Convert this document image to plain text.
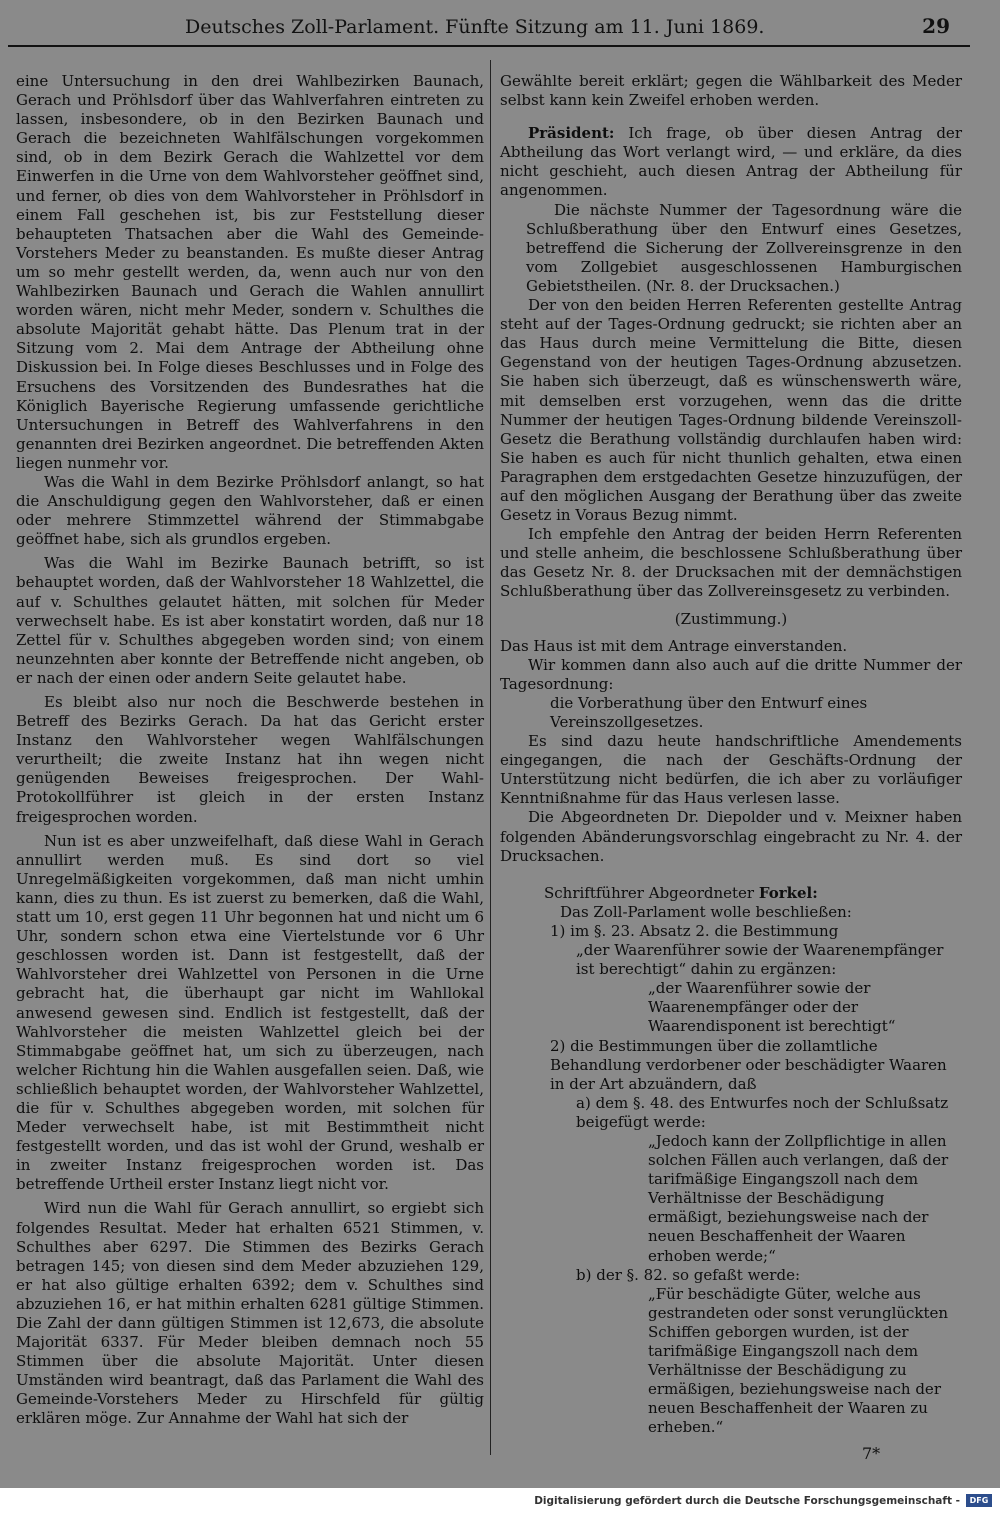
Deutsches Zoll-Parlament. Fünfte Sitzung am 11. Juni 1869.	29

eine Untersuchung in den drei Wahlbezirken Baunach, Gerach und Pröhlsdorf über das Wahlverfahren eintreten zu lassen, insbesondere, ob in den Bezirken Baunach und Gerach die bezeichneten Wahlfälschungen vorgekommen sind, ob in dem Bezirk Gerach die Wahlzettel vor dem Einwerfen in die Urne von dem Wahlvorsteher geöffnet sind, und ferner, ob dies von dem Wahlvorsteher in Pröhlsdorf in einem Fall geschehen ist, bis zur Feststellung dieser behaupteten Thatsachen aber die Wahl des Gemeinde-Vorstehers Meder zu beanstanden. Es mußte dieser Antrag um so mehr gestellt werden, da, wenn auch nur von den Wahlbezirken Baunach und Gerach die Wahlen annullirt worden wären, nicht mehr Meder, sondern v. Schulthes die absolute Majorität gehabt hätte. Das Plenum trat in der Sitzung vom 2. Mai dem Antrage der Abtheilung ohne Diskussion bei. In Folge dieses Beschlusses und in Folge des Ersuchens des Vorsitzenden des Bundesrathes hat die Königlich Bayerische Regierung umfassende gerichtliche Untersuchungen in Betreff des Wahlverfahrens in den genannten drei Bezirken angeordnet. Die betreffenden Akten liegen nunmehr vor.

Was die Wahl in dem Bezirke Pröhlsdorf anlangt, so hat die Anschuldigung gegen den Wahlvorsteher, daß er einen oder mehrere Stimmzettel während der Stimmabgabe geöffnet habe, sich als grundlos ergeben.

Was die Wahl im Bezirke Baunach betrifft, so ist behauptet worden, daß der Wahlvorsteher 18 Wahlzettel, die auf v. Schulthes gelautet hätten, mit solchen für Meder verwechselt habe. Es ist aber konstatirt worden, daß nur 18 Zettel für v. Schulthes abgegeben worden sind; von einem neunzehnten aber konnte der Betreffende nicht angeben, ob er nach der einen oder andern Seite gelautet habe.

Es bleibt also nur noch die Beschwerde bestehen in Betreff des Bezirks Gerach. Da hat das Gericht erster Instanz den Wahlvorsteher wegen Wahlfälschungen verurtheilt; die zweite Instanz hat ihn wegen nicht genügenden Beweises freigesprochen. Der Wahl-Protokollführer ist gleich in der ersten Instanz freigesprochen worden.

Nun ist es aber unzweifelhaft, daß diese Wahl in Gerach annullirt werden muß. Es sind dort so viel Unregelmäßigkeiten vorgekommen, daß man nicht umhin kann, dies zu thun. Es ist zuerst zu bemerken, daß die Wahl, statt um 10, erst gegen 11 Uhr begonnen hat und nicht um 6 Uhr, sondern schon etwa eine Viertelstunde vor 6 Uhr geschlossen worden ist. Dann ist festgestellt, daß der Wahlvorsteher drei Wahlzettel von Personen in die Urne gebracht hat, die überhaupt gar nicht im Wahllokal anwesend gewesen sind. Endlich ist festgestellt, daß der Wahlvorsteher die meisten Wahlzettel gleich bei der Stimmabgabe geöffnet hat, um sich zu überzeugen, nach welcher Richtung hin die Wahlen ausgefallen seien. Daß, wie schließlich behauptet worden, der Wahlvorsteher Wahlzettel, die für v. Schulthes abgegeben worden, mit solchen für Meder verwechselt habe, ist mit Bestimmtheit nicht festgestellt worden, und das ist wohl der Grund, weshalb er in zweiter Instanz freigesprochen worden ist. Das betreffende Urtheil erster Instanz liegt nicht vor.

Wird nun die Wahl für Gerach annullirt, so ergiebt sich folgendes Resultat. Meder hat erhalten 6521 Stimmen, v. Schulthes aber 6297. Die Stimmen des Bezirks Gerach betragen 145; von diesen sind dem Meder abzuziehen 129, er hat also gültige erhalten 6392; dem v. Schulthes sind abzuziehen 16, er hat mithin erhalten 6281 gültige Stimmen. Die Zahl der dann gültigen Stimmen ist 12,673, die absolute Majorität 6337. Für Meder bleiben demnach noch 55 Stimmen über die absolute Majorität. Unter diesen Umständen wird beantragt, daß das Parlament die Wahl des Gemeinde-Vorstehers Meder zu Hirschfeld für gültig erklären möge. Zur Annahme der Wahl hat sich der

Gewählte bereit erklärt; gegen die Wählbarkeit des Meder selbst kann kein Zweifel erhoben werden.

Präsident: Ich frage, ob über diesen Antrag der Abtheilung das Wort verlangt wird, — und erkläre, da dies nicht geschieht, auch diesen Antrag der Abtheilung für angenommen.

Die nächste Nummer der Tagesordnung wäre die Schlußberathung über den Entwurf eines Gesetzes, betreffend die Sicherung der Zollvereinsgrenze in den vom Zollgebiet ausgeschlossenen Hamburgischen Gebietstheilen. (Nr. 8. der Drucksachen.)

Der von den beiden Herren Referenten gestellte Antrag steht auf der Tages-Ordnung gedruckt; sie richten aber an das Haus durch meine Vermittelung die Bitte, diesen Gegenstand von der heutigen Tages-Ordnung abzusetzen. Sie haben sich überzeugt, daß es wünschenswerth wäre, mit demselben erst vorzugehen, wenn das die dritte Nummer der heutigen Tages-Ordnung bildende Vereinszoll-Gesetz die Berathung vollständig durchlaufen haben wird: Sie haben es auch für nicht thunlich gehalten, etwa einen Paragraphen dem erstgedachten Gesetze hinzuzufügen, der auf den möglichen Ausgang der Berathung über das zweite Gesetz in Voraus Bezug nimmt.

Ich empfehle den Antrag der beiden Herrn Referenten und stelle anheim, die beschlossene Schlußberathung über das Gesetz Nr. 8. der Drucksachen mit der demnächstigen Schlußberathung über das Zollvereinsgesetz zu verbinden.

(Zustimmung.)

Das Haus ist mit dem Antrage einverstanden.

Wir kommen dann also auch auf die dritte Nummer der Tagesordnung:

die Vorberathung über den Entwurf eines Vereinszollgesetzes.

Es sind dazu heute handschriftliche Amendements eingegangen, die nach der Geschäfts-Ordnung der Unterstützung nicht bedürfen, die ich aber zu vorläufiger Kenntnißnahme für das Haus verlesen lasse.

Die Abgeordneten Dr. Diepolder und v. Meixner haben folgenden Abänderungsvorschlag eingebracht zu Nr. 4. der Drucksachen.

Schriftführer Abgeordneter Forkel:

Das Zoll-Parlament wolle beschließen:

1) im §. 23. Absatz 2. die Bestimmung

„der Waarenführer sowie der Waarenempfänger ist berechtigt“ dahin zu ergänzen:

„der Waarenführer sowie der Waarenempfänger oder der Waarendisponent ist berechtigt“

2) die Bestimmungen über die zollamtliche Behandlung verdorbener oder beschädigter Waaren in der Art abzuändern, daß

a) dem §. 48. des Entwurfes noch der Schlußsatz beigefügt werde:

„Jedoch kann der Zollpflichtige in allen solchen Fällen auch verlangen, daß der tarifmäßige Eingangszoll nach dem Verhältnisse der Beschädigung ermäßigt, beziehungsweise nach der neuen Beschaffenheit der Waaren erhoben werde;“

b) der §. 82. so gefaßt werde:

„Für beschädigte Güter, welche aus gestrandeten oder sonst verunglückten Schiffen geborgen wurden, ist der tarifmäßige Eingangszoll nach dem Verhältnisse der Beschädigung zu ermäßigen, beziehungsweise nach der neuen Beschaffenheit der Waaren zu erheben.“

7*
Digitalisierung gefördert durch die Deutsche Forschungsgemeinschaft -	DFG
